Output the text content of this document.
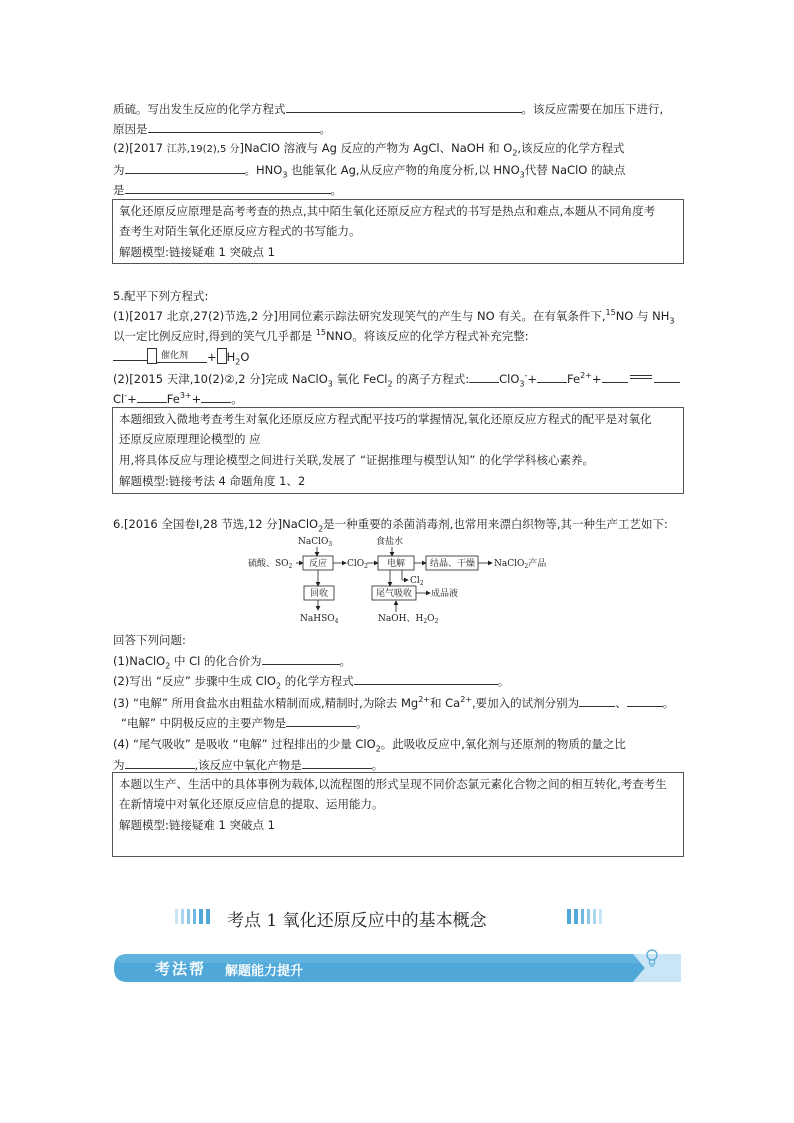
质硫。写出发生反应的化学方程式	。该反应需要在加压下进行,
原因是	。
(2)[2017 江苏,19(2),5 分]NaClO 溶液与 Ag 反应的产物为 AgCl、NaOH 和 $O_2$,该反应的化学方程式
为	。$HNO_3$ 也能氧化 Ag,从反应产物的角度分析,以 $HNO_3$代替 NaClO 的缺点
是	。
氧化还原反应原理是高考考查的热点,其中陌生氧化还原反应方程式的书写是热点和难点,本题从不同角度考
查考生对陌生氧化还原反应方程式的书写能力。
解题模型:链接疑难 1 突破点 1
5.配平下列方程式:
(1)[2017 北京,27(2)节选,2 分]用同位素示踪法研究发现笑气的产生与 NO 有关。在有氧条件下,$^{15}$NO 与 $NH_3$
以一定比例反应时,得到的笑气几乎都是 $^{15}$NNO。将该反应的化学方程式补充完整:
催化剂 + $H_2O$
(2)[2015 天津,10(2)②,2 分]完成 NaClO$_3$ 氧化 FeCl$_2$ 的离子方程式:	ClO$_3$-+	$Fe^{2+}+$
Cl-+	$Fe^{3+}+$	。
本题细致入微地考查考生对氧化还原反应方程式配平技巧的掌握情况,氧化还原反应方程式的配平是对氧化
还原反应原理理论模型的 应
用,将具体反应与理论模型之间进行关联,发展了 “证据推理与模型认知” 的化学学科核心素养。
解题模型:链接考法 4 命题角度 1、2
6.[2016 全国卷Ⅰ,28 节选,12 分]NaClO$_2$是一种重要的杀菌消毒剂,也常用来漂白织物等,其一种生产工艺如下:
NaClO$_3$	食盐水
硫酸、$SO_2$ 反应 ClO$_2$ 电解	结晶、干燥 NaClO$_2$产品
$Cl_2$
尾气吸收 成品液
NaOH、$H_2O_2$
回收
NaHSO$_4$
回答下列问题:
(1)NaClO$_2$ 中 Cl 的化合价为	。
(2)写出 “反应” 步骤中生成 ClO$_2$ 的化学方程式	。
(3) “电解” 所用食盐水由粗盐水精制而成,精制时,为除去 $Mg^{2+}$和 $Ca^{2+}$,要加入的试剂分别为	、	。
“电解” 中阴极反应的主要产物是	。
(4) “尾气吸收” 是吸收 “电解” 过程排出的少量 ClO$_2$。此吸收反应中,氧化剂与还原剂的物质的量之比
为	,该反应中氧化产物是	。
本题以生产、生活中的具体事例为载体,以流程图的形式呈现不同价态氯元素化合物之间的相互转化,考查考生
在新情境中对氧化还原反应信息的提取、运用能力。
解题模型:链接疑难 1 突破点 1
考点 1 氧化还原反应中的基本概念
考法帮 解题能力提升
